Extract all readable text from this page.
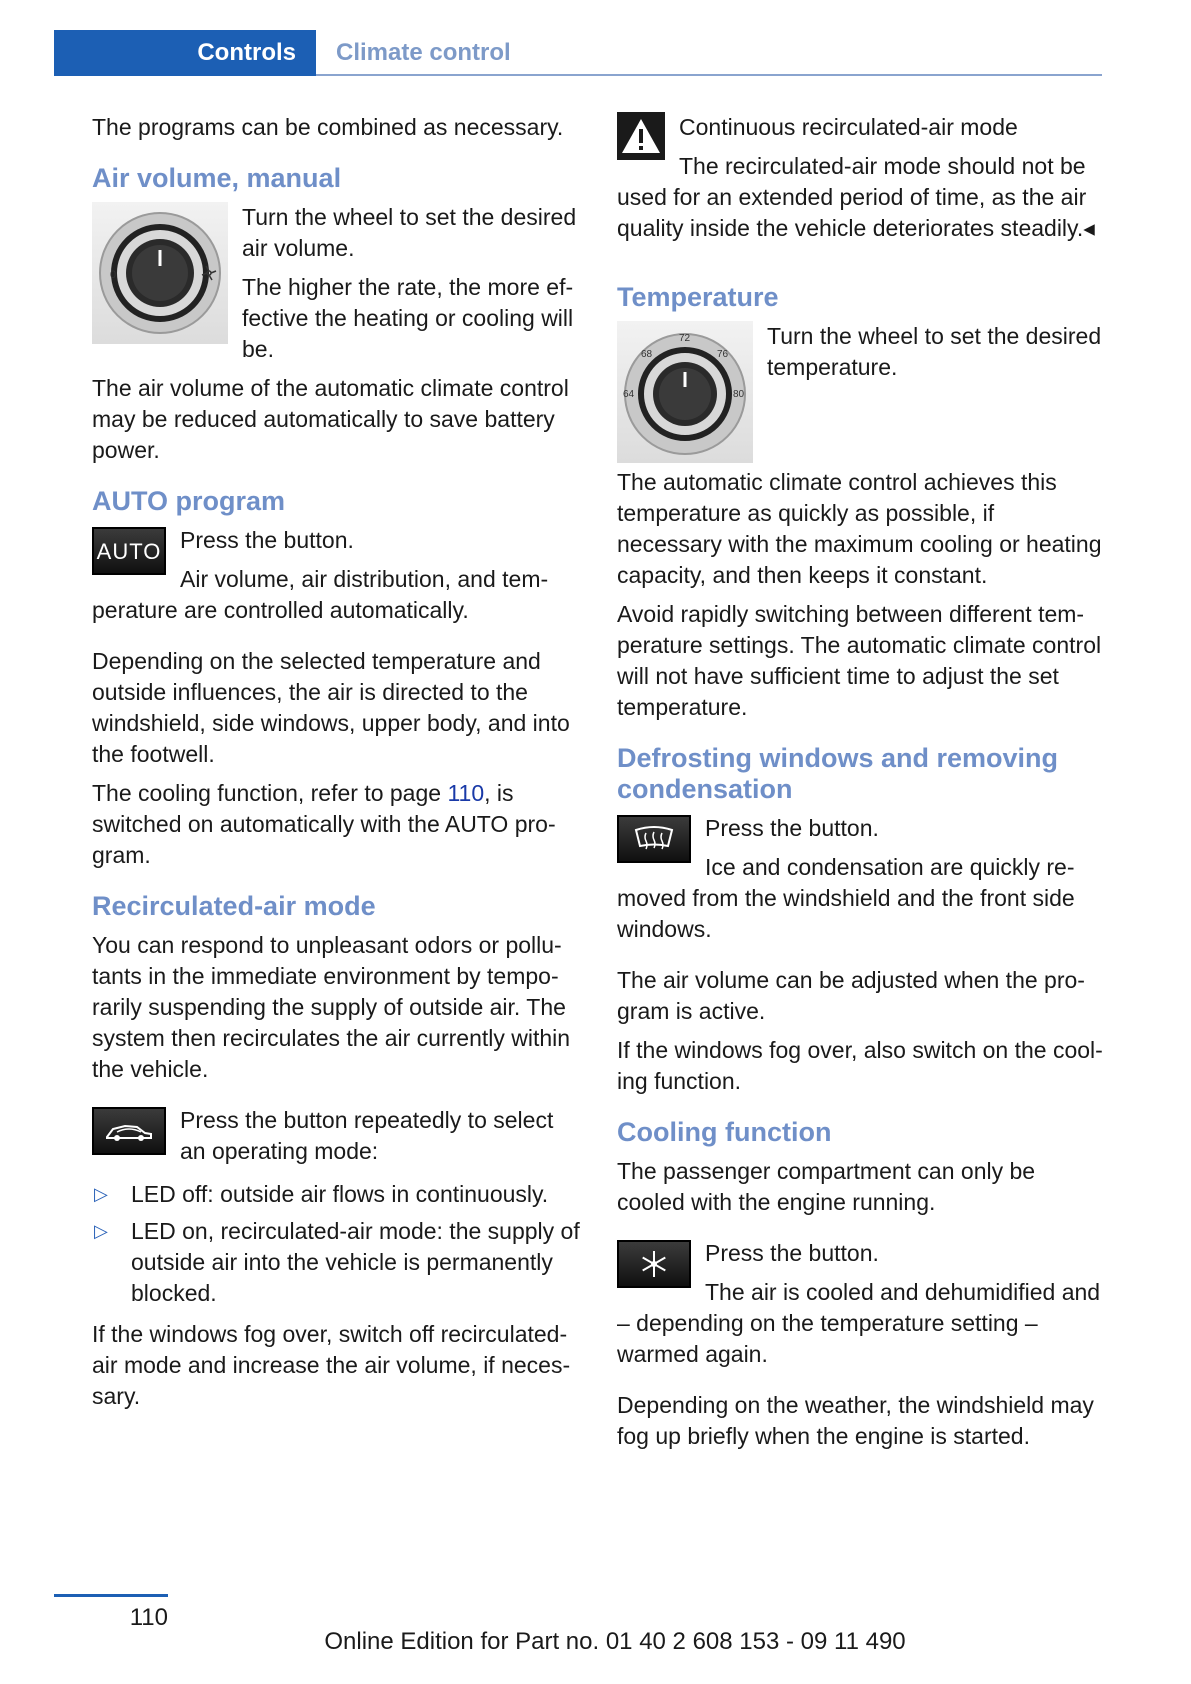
Controls	Climate control

The programs can be combined as necessary.

Air volume, manual
0

Turn the wheel to set the desired air volume.

The higher the rate, the more ef-fective the heating or cooling will be.

The air volume of the automatic climate control may be reduced automatically to save battery power.

AUTO program
AUTO Press the button.

Air volume, air distribution, and tem-perature are controlled automatically.

Depending on the selected temperature and outside influences, the air is directed to the windshield, side windows, upper body, and into the footwell.

The cooling function, refer to page 110, is switched on automatically with the AUTO pro-gram.

Recirculated-air mode

You can respond to unpleasant odors or pollu-tants in the immediate environment by tempo-rarily suspending the supply of outside air. The system then recirculates the air currently within the vehicle.

Press the button repeatedly to select an operating mode:

▷ LED off: outside air flows in continuously.
▷ LED on, recirculated-air mode: the supply of outside air into the vehicle is permanently blocked.

If the windows fog over, switch off recirculated-air mode and increase the air volume, if neces-sary.

Continuous recirculated-air mode

The recirculated-air mode should not be used for an extended period of time, as the air quality inside the vehicle deteriorates steadily.◂

Temperature
64
68
72
76
80

Turn the wheel to set the desired temperature.

The automatic climate control achieves this temperature as quickly as possible, if necessary with the maximum cooling or heating capacity, and then keeps it constant.

Avoid rapidly switching between different tem-perature settings. The automatic climate control will not have sufficient time to adjust the set temperature.

Defrosting windows and removing condensation

Press the button.

Ice and condensation are quickly re-moved from the windshield and the front side windows.

The air volume can be adjusted when the pro-gram is active.

If the windows fog over, also switch on the cool-ing function.

Cooling function

The passenger compartment can only be cooled with the engine running.

Press the button.

The air is cooled and dehumidified and – depending on the temperature setting – warmed again.

Depending on the weather, the windshield may fog up briefly when the engine is started.

110
Online Edition for Part no. 01 40 2 608 153 - 09 11 490
